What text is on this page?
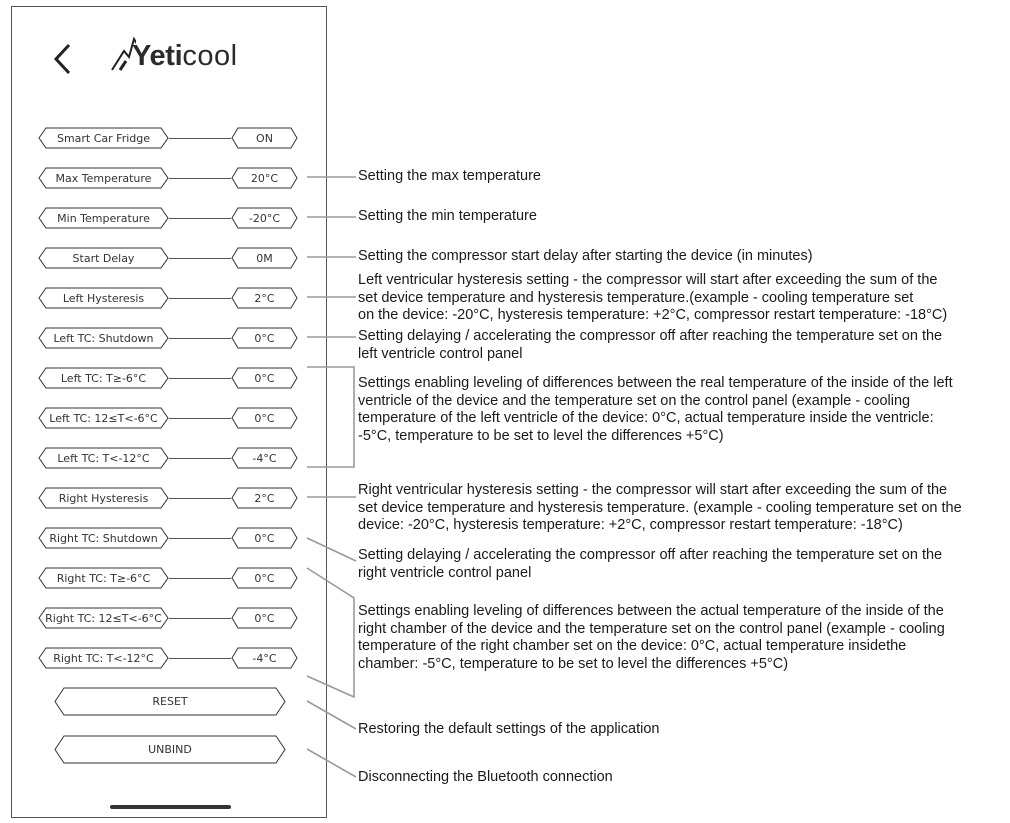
Yeticool
Smart Car Fridge	ON
Max Temperature	20°C
Min Temperature	-20°C
Start Delay	0M
Left Hysteresis	2°C
Left TC: Shutdown	0°C
Left TC: T≥-6°C	0°C
Left TC: 12≤T<-6°C	0°C
Left TC: T<-12°C	-4°C
Right Hysteresis	2°C
Right TC: Shutdown	0°C
Right TC: T≥-6°C	0°C
Right TC: 12≤T<-6°C	0°C
Right TC: T<-12°C	-4°C
RESET
UNBIND
Setting the max temperature
Setting the min temperature
Setting the compressor start delay after starting the device (in minutes)
Left ventricular hysteresis setting - the compressor will start after exceeding the sum of the
set device temperature and hysteresis temperature.(example - cooling temperature set
on the device: -20°C, hysteresis temperature: +2°C, compressor restart temperature: -18°C)
Setting delaying / accelerating the compressor off after reaching the temperature set on the
left ventricle control panel
Settings enabling leveling of differences between the real temperature of the inside of the left
ventricle of the device and the temperature set on the control panel (example - cooling
temperature of the left ventricle of the device: 0°C, actual temperature inside the ventricle:
-5°C, temperature to be set to level the differences +5°C)
Right ventricular hysteresis setting - the compressor will start after exceeding the sum of the
set device temperature and hysteresis temperature. (example - cooling temperature set on the
device: -20°C, hysteresis temperature: +2°C, compressor restart temperature: -18°C)
Setting delaying / accelerating the compressor off after reaching the temperature set on the
right ventricle control panel
Settings enabling leveling of differences between the actual temperature of the inside of the
right chamber of the device and the temperature set on the control panel (example - cooling
temperature of the right chamber set on the device: 0°C, actual temperature insidethe
chamber: -5°C, temperature to be set to level the differences +5°C)
Restoring the default settings of the application
Disconnecting the Bluetooth connection
